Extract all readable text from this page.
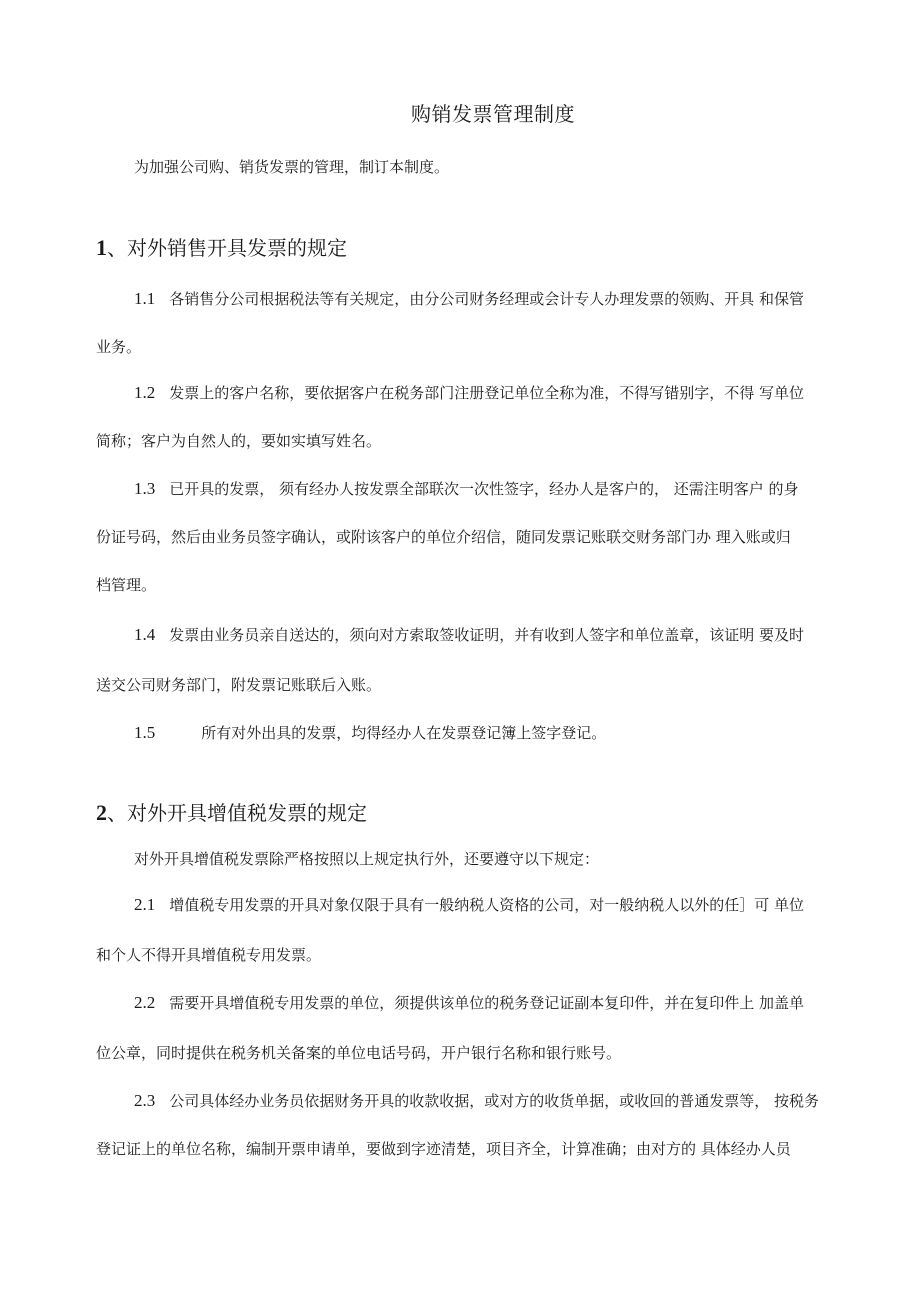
购销发票管理制度
为加强公司购、销货发票的管理，制订本制度。
1、对外销售开具发票的规定
1.1 各销售分公司根据税法等有关规定，由分公司财务经理或会计专人办理发票的领购、开具 和保管
业务。
1.2 发票上的客户名称，要依据客户在税务部门注册登记单位全称为准，不得写错别字，不得 写单位
简称；客户为自然人的，要如实填写姓名。
1.3 已开具的发票， 须有经办人按发票全部联次一次性签字，经办人是客户的， 还需注明客户 的身
份证号码，然后由业务员签字确认，或附该客户的单位介绍信，随同发票记账联交财务部门办 理入账或归
档管理。
1.4 发票由业务员亲自送达的，须向对方索取签收证明，并有收到人签字和单位盖章，该证明 要及时
送交公司财务部门，附发票记账联后入账。
1.5	所有对外出具的发票，均得经办人在发票登记簿上签字登记。
2、对外开具增值税发票的规定
对外开具增值税发票除严格按照以上规定执行外，还要遵守以下规定：
2.1 增值税专用发票的开具对象仅限于具有一般纳税人资格的公司，对一般纳税人以外的任］可 单位
和个人不得开具增值税专用发票。
2.2 需要开具增值税专用发票的单位，须提供该单位的税务登记证副本复印件，并在复印件上 加盖单
位公章，同时提供在税务机关备案的单位电话号码，开户银行名称和银行账号。
2.3 公司具体经办业务员依据财务开具的收款收据，或对方的收货单据，或收回的普通发票等， 按税务
登记证上的单位名称，编制开票申请单，要做到字迹清楚，项目齐全，计算准确；由对方的 具体经办人员
